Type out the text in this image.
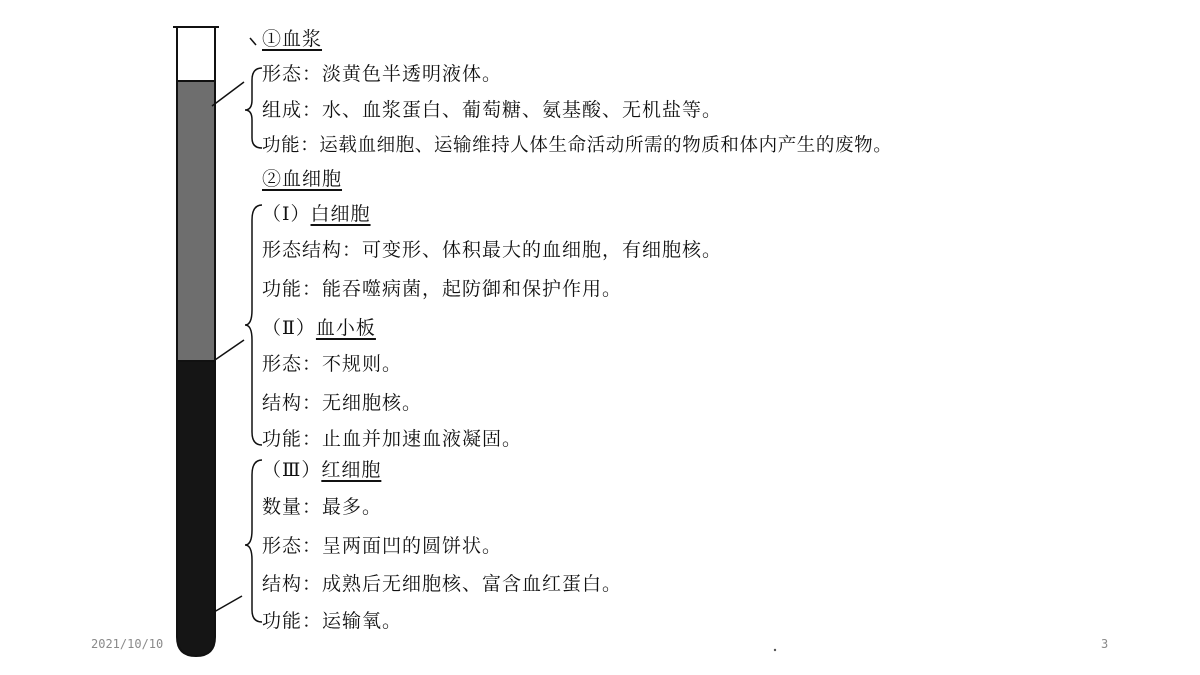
①血浆
形态：淡黄色半透明液体。
组成：水、血浆蛋白、葡萄糖、氨基酸、无机盐等。
功能：运载血细胞、运输维持人体生命活动所需的物质和体内产生的废物。
②血细胞
（Ⅰ）白细胞
形态结构：可变形、体积最大的血细胞，有细胞核。
功能：能吞噬病菌，起防御和保护作用。
（Ⅱ）血小板
形态：不规则。
结构：无细胞核。
功能：止血并加速血液凝固。
（Ⅲ）红细胞
数量：最多。
形态：呈两面凹的圆饼状。
结构：成熟后无细胞核、富含血红蛋白。
功能：运输氧。
2021/10/10	3
